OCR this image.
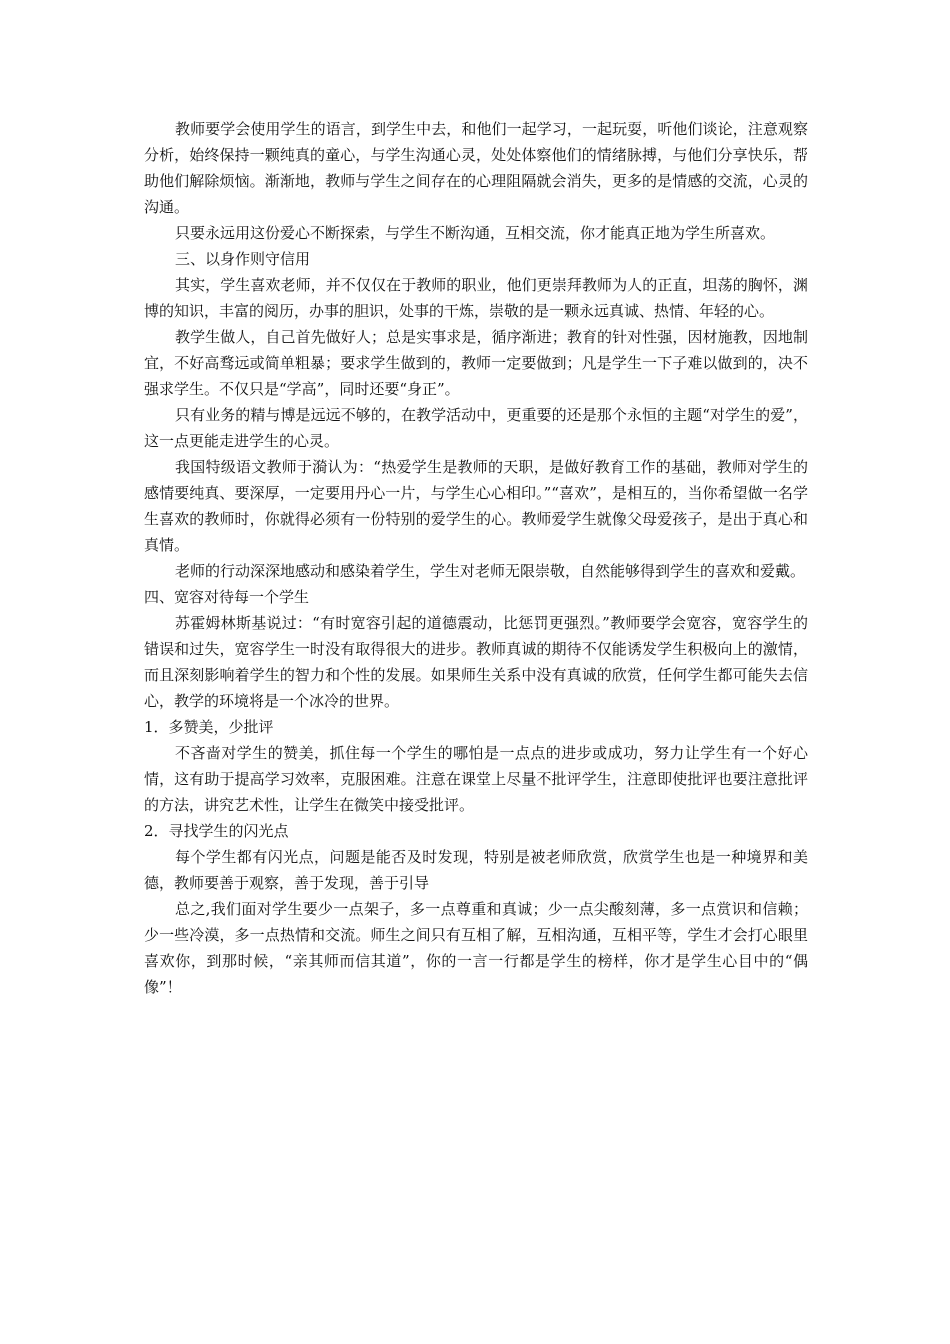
教师要学会使用学生的语言，到学生中去，和他们一起学习，一起玩耍，听他们谈论，注意观察分析，始终保持一颗纯真的童心，与学生沟通心灵，处处体察他们的情绪脉搏，与他们分享快乐，帮助他们解除烦恼。渐渐地，教师与学生之间存在的心理阻隔就会消失，更多的是情感的交流，心灵的沟通。

只要永远用这份爱心不断探索，与学生不断沟通，互相交流，你才能真正地为学生所喜欢。

三、以身作则守信用

其实，学生喜欢老师，并不仅仅在于教师的职业，他们更崇拜教师为人的正直，坦荡的胸怀，渊博的知识，丰富的阅历，办事的胆识，处事的干炼，崇敬的是一颗永远真诚、热情、年轻的心。

教学生做人，自己首先做好人；总是实事求是，循序渐进；教育的针对性强，因材施教，因地制宜，不好高骛远或简单粗暴；要求学生做到的，教师一定要做到；凡是学生一下子难以做到的，决不强求学生。不仅只是“学高”，同时还要“身正”。

只有业务的精与博是远远不够的，在教学活动中，更重要的还是那个永恒的主题“对学生的爱”，这一点更能走进学生的心灵。

我国特级语文教师于漪认为：“热爱学生是教师的天职，是做好教育工作的基础，教师对学生的感情要纯真、要深厚，一定要用丹心一片，与学生心心相印。”“喜欢”，是相互的，当你希望做一名学生喜欢的教师时，你就得必须有一份特别的爱学生的心。教师爱学生就像父母爱孩子，是出于真心和真情。

老师的行动深深地感动和感染着学生，学生对老师无限崇敬，自然能够得到学生的喜欢和爱戴。

四、宽容对待每一个学生

苏霍姆林斯基说过：“有时宽容引起的道德震动，比惩罚更强烈。”教师要学会宽容，宽容学生的错误和过失，宽容学生一时没有取得很大的进步。教师真诚的期待不仅能诱发学生积极向上的激情，而且深刻影响着学生的智力和个性的发展。如果师生关系中没有真诚的欣赏，任何学生都可能失去信心，教学的环境将是一个冰冷的世界。

1．多赞美，少批评

不吝啬对学生的赞美，抓住每一个学生的哪怕是一点点的进步或成功，努力让学生有一个好心情，这有助于提高学习效率，克服困难。注意在课堂上尽量不批评学生，注意即使批评也要注意批评的方法，讲究艺术性，让学生在微笑中接受批评。

2．寻找学生的闪光点

每个学生都有闪光点，问题是能否及时发现，特别是被老师欣赏，欣赏学生也是一种境界和美德，教师要善于观察，善于发现，善于引导

总之,我们面对学生要少一点架子，多一点尊重和真诚；少一点尖酸刻薄，多一点赏识和信赖；少一些冷漠，多一点热情和交流。师生之间只有互相了解，互相沟通，互相平等，学生才会打心眼里喜欢你，到那时候，“亲其师而信其道”，你的一言一行都是学生的榜样，你才是学生心目中的“偶像”！
